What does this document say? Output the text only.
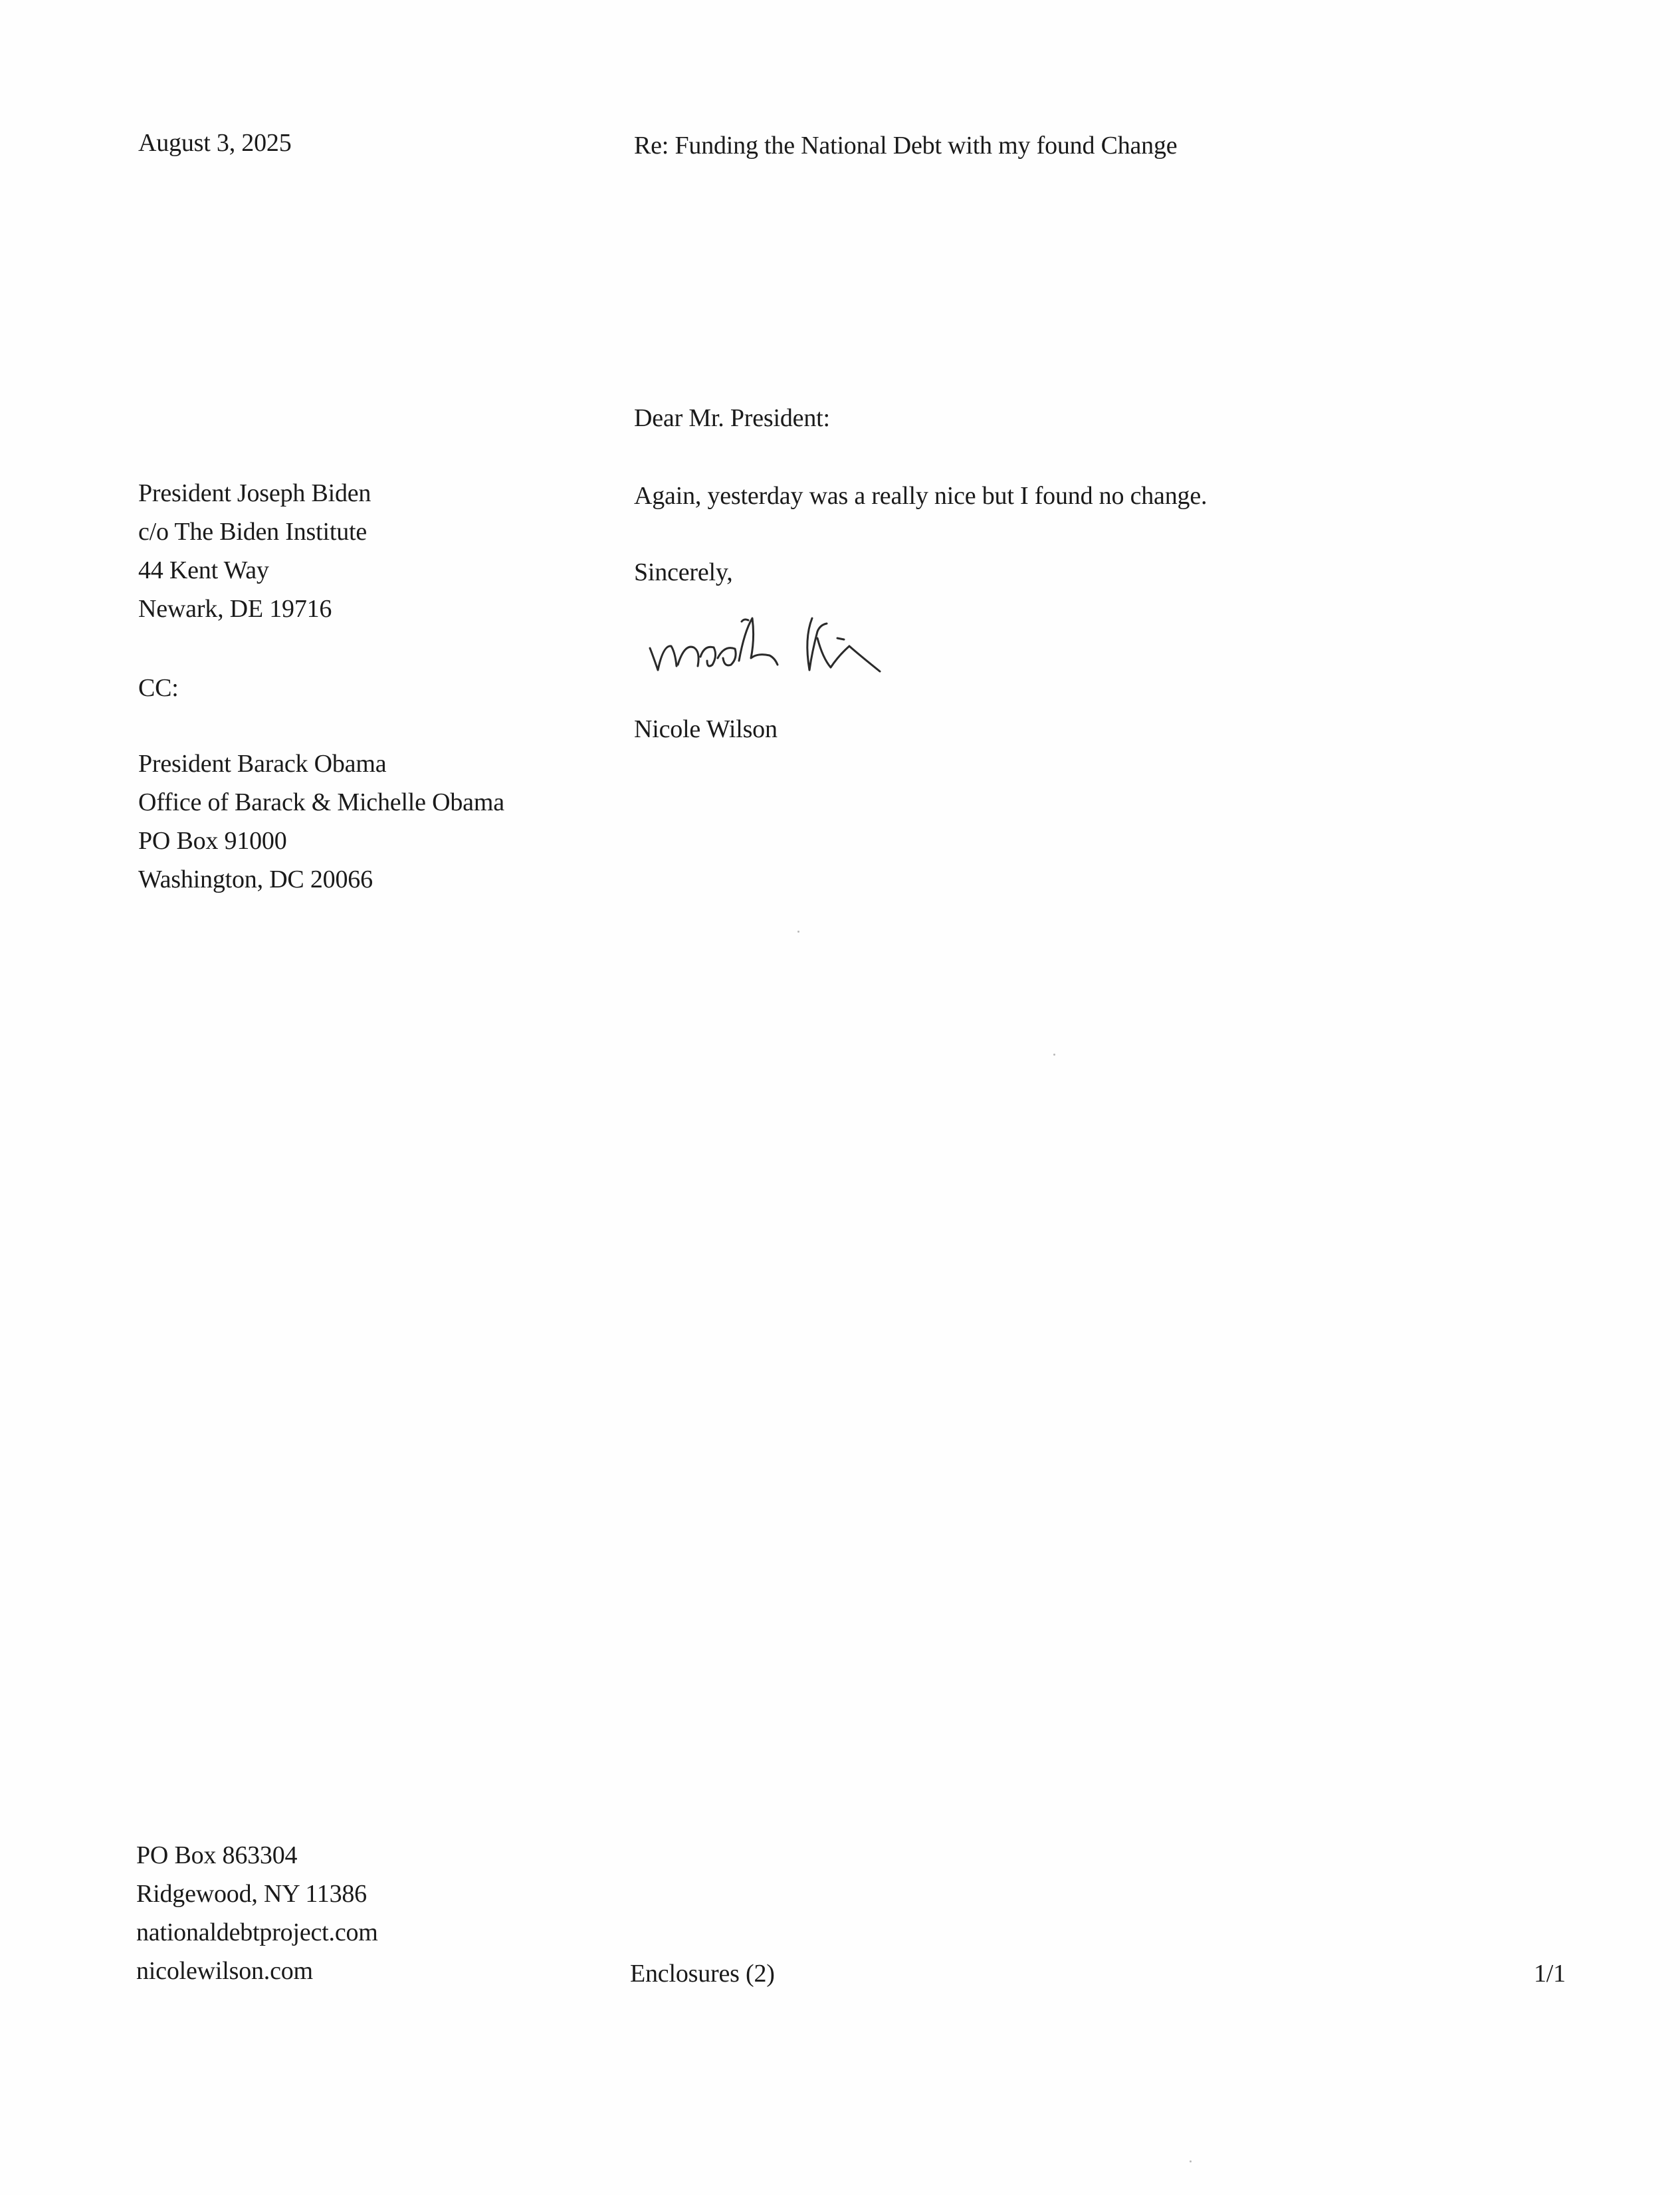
August 3, 2025	Re: Funding the National Debt with my found Change
President Joseph Biden
c/o The Biden Institute
44 Kent Way
Newark, DE 19716
CC:
President Barack Obama
Office of Barack & Michelle Obama
PO Box 91000
Washington, DC 20066
Dear Mr. President:
Again, yesterday was a really nice but I found no change.
Sincerely,
Nicole Wilson
PO Box 863304
Ridgewood, NY 11386
nationaldebtproject.com
nicolewilson.com	Enclosures (2)	1/1
